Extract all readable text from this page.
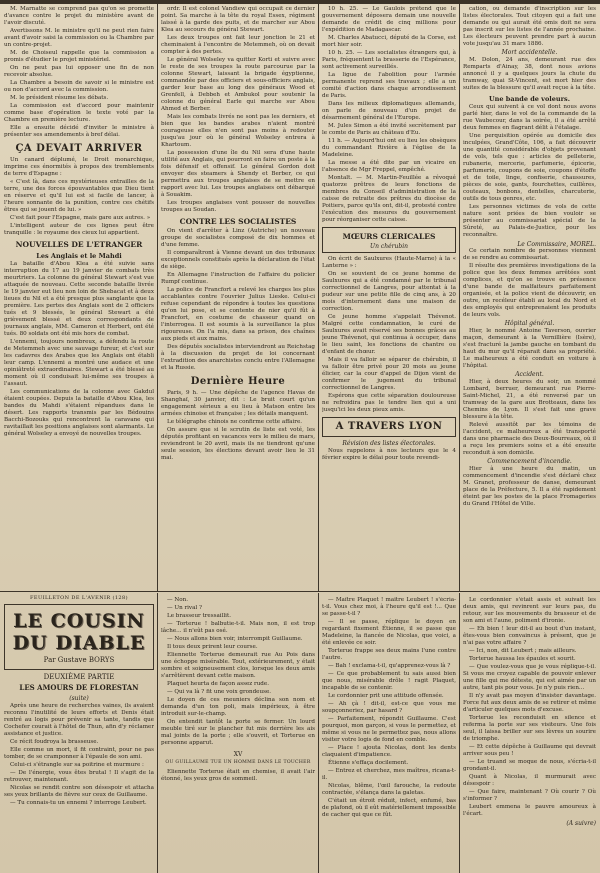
M. Marnatte se comprend pas qu'on se promette d'avance contre le projet du ministère avant de l'avoir discuté.

Avertissons M. le ministre qu'il ne peut rien faire avant d'avoir saisi la commission ou la Chambre par un contre-projet.

M. de Choiseul rappelle que la commission a promis d'étudier le projet ministériel.

On ne peut pas lui opposer une fin de non recevoir absolue.

La Chambre a besoin de savoir si le ministre est ou non d'accord avec la commission.

M. le président résume les débats.

La commission est d'accord pour maintenir comme base d'opération le texte voté par la Chambre en première lecture.

Elle a ensuite décidé d'inviter le ministre à présenter ses amendements à bref délai.

ÇA DEVAIT ARRIVER

Un canard déplumé, le Droit monarchique, imprime ces énormités à propos des tremblements de terre d'Espagne :

« C'est là, dans ces mystérieuses entrailles de la terre, une des forces épouvantables que Dieu tient en réserve et qu'il lui est si facile de lancer, à l'heure sonnante de la punition, contre ces chétifs êtres qui se jouent de lui. »

C'est fait pour l'Espagne, mais gare aux autres. »

L'intelligent auteur de ces lignes peut être tranquille : le royaume des cieux lui appartient.

NOUVELLES DE L'ETRANGER
Les Anglais et le Mahdi

La bataille d'Abou Klea a été suivie sans interruption du 17 au 19 janvier de combats très meurtriers. La colonne du général Stewart s'est vue attaquée de nouveau. Cette seconde bataille livrée le 19 janvier eut lieu non loin de Shebacat et à deux lieues du Nil et a été presque plus sanglante que la première. Les pertes des Anglais sont de 2 officiers tués et 9 blessés, le général Stewart a été grièvement blessé et deux correspondants de journaux anglais, MM. Cameron et Herbert, ont été tués. 80 soldats ont été mis hors de combat.

L'ennemi, toujours nombreux, a défendu la route de Metemmeh avec une sauvage fureur, et c'est sur les cadavres des Arabes que les Anglais ont établi leur camp. L'ennemi a montré une audace et une opiniâtreté extraordinaires. Stewart a été blessé au moment où il conduisait lui-même ses troupes à l'assaut.

Les communications de la colonne avec Gakdul étaient coupées. Depuis la bataille d'Abou Klea, les bandes du Mahdi s'étaient répandues dans le désert. Les rapports transmis par les Bédouins Bacchi-Bozouks qui rencontrent la caravane qui ravitaillait les positions anglaises sont alarmants. Le général Wolseley a envoyé de nouvelles troupes.

ordr. Il est colonel Vandiew qui occupait ce dernier point. Sa marche à la tête du royal Essex, régiment laissé à la garde des puits, et de marcher sur Abou Klea au secours du général Stewart.

Les deux troupes ont fait leur jonction le 21 et cheminaient à l'encontre de Metemmeh, où on devait compter à des pertes.

Le général Wolseley va quitter Korti et suivre avec le reste de ses troupes la route parcourue par la colonne Stewart, laissant la brigade égyptienne, commandée par des officiers et sous-officiers anglais, garder leur base au long des généraux Wood et Grenfell, à Debbeh et Ambukol pour soutenir la colonne du général Earle qui marche sur Abou Ahmed et Berber.

Mais les combats livrés ne sont pas les derniers, et bien que les bandes arabes n'aient montré courageuse elles n'en sont pas moins à redouter jusqu'au jour où le général Wolseley entrera à Khartoum.

La possession d'une île du Nil sera d'une haute utilité aux Anglais, qui pourront en faire un poste à la fois défensif et offensif. Le général Gordon doit envoyer des steamers à Shendy et Berber, ce qui permettra aux troupes anglaises de se mettre en rapport avec lui. Les troupes anglaises ont débarqué à Souakim.

Les troupes anglaises vont pousser de nouvelles troupes au Soudan.

CONTRE LES SOCIALISTES

On vient d'arrêter à Linz (Autriche) un nouveau groupe de socialistes composé de dix hommes et d'une femme.

Il comparaîtront à Vienne devant un des tribunaux exceptionnels constitués après la déclaration de l'état de siège.

En Allemagne l'instruction de l'affaire du policier Rumpf continue.

La police de Francfort a relevé les charges les plus accablantes contre l'ouvrier Julius Lieske. Celui-ci refuse cependant de répondre à toutes les questions qu'on lui pose, et se contente de nier qu'il fût à Francfort, en costume de chasseur quand on l'interrogea. Il est soumis à la surveillance la plus rigoureuse. On l'a mis, dans sa prison, des chaînes aux pieds et aux mains.

Des députés socialistes interviendront au Reichstag à la discussion du projet de loi concernant l'extradition des anarchistes conclu entre l'Allemagne et la Russie.

Dernière Heure

Paris, 9 h. — Une dépêche de l'agence Havas de Shanghaï, 30 janvier, dit : Le bruit court qu'un engagement sérieux a eu lieu à Matson entre les armées chinoise et française ; les détails manquent.

Le télégraphe chinois ne confirme cette affaire.

On assure que si le scrutin de liste est voté, les députés profitant en vacances vers le milieu de mars, reviendront le 20 avril, mais ils ne tiendront qu'une seule session, les élections devant avoir lieu le 31 mai.

10 h. 25. — Le Gaulois prétend que le gouvernement déposera demain une nouvelle demande de crédit de cinq millions pour l'expédition de Madagascar.

M. Charles Abatucci, député de la Corse, est mort hier soir.

10 h. 25. — Les socialistes étrangers qui, à Paris, fréquentent la brasserie de l'Espérance, sont activement surveillés.

La ligue de l'abolition pour l'armée permanente reprend ses travaux ; elle a un comité d'action dans chaque arrondissement de Paris.

Dans les milieux diplomatiques allemands, on parle de nouveau d'un projet de désarmement général de l'Europe.

M. Jules Simon a été invité secrètement par le comte de Paris au château d'Eu.

11 h. — Aujourd'hui ont eu lieu les obsèques du commandant Rivière à l'église de la Madeleine.

La messe a été dite par un vicaire en l'absence de Mgr Freppel, empêché.

Montalt. — M. Martin-Feuillée a révoqué quatorze prêtres de leurs fonctions de membres du Conseil d'administration de la caisse de retraite des prêtres du diocèse de Poitiers, parce qu'ils ont, dit-il, protesté contre l'exécution des mesures du gouvernement pour réorganiser cette caisse.

MŒURS CLERICALES
Un chérubin

On écrit de Saulxures (Haute-Marne) à la « Lanterne » :

On se souvient de ce jeune homme de Saulxures qui a été condamné par le tribunal correctionnel de Langres, pour attentat à la pudeur sur une petite fille de cinq ans, à 20 mois d'internement dans une maison de correction.

Ce jeune homme s'appelait Thévenot. Malgré cette condamnation, le curé de Saulxures avait réservé ses bonnes grâces au jeune Thévenot, qui continua à occuper, dans le lieu saint, les fonctions de chantre ou d'enfant de chœur.

Mais il va falloir se séparer de chérubin, il va falloir être privé pour 20 mois au jeune élicier, car la cour d'appel de Dijon vient de confirmer le jugement du tribunal correctionnel de Langres.

Espérons que cette séparation douloureuse ne refroidira pas le tendre lien qui a uni jusqu'ici les deux pieux amis.

A TRAVERS LYON
Révision des listes électorales.

Nous rappelons à nos lecteurs que le 4 février expire le délai pour toute revendi-

cation, ou demande d'inscription sur les listes électorales. Tout citoyen qui a fait une demande ou qui aurait été omis doit ne sera pas inscrit sur les listes de l'année prochaine. Les électeurs peuvent prendre part à aucun vote jusqu'au 31 mars 1886.

Mort accidentelle.

M. Dolon, 24 ans, demeurant rue des Remparts d'Ainay, 38, dont nous avions annoncé il y a quelques jours la chute du tramway, quai St-Vincent, est mort hier des suites de la blessure qu'il avait reçue à la tête.

Une bande de voleurs.

Ceux qui suivent à ce vol dont nous avons parlé hier, dans le vol de la commande de la rue Vaubecour, dans la soirée, il a été arrêté deux femmes en flagrant délit à l'étalage.

Une perquisition opérée au domicile des inculpées, Grand'Côte, 106, a fait découvrir une quantité considérable d'objets provenant de vols, tels que : articles de pelleterie, rubanerie, mercerie, parfumerie, épicerie, parfumerie, coupons de soie, coupons d'étoffe et de toile, linge, confiserie, chaussures, pièces de soie, gants, fourchettes, cuillères, couteaux, bonbons, dentelles, charcuterie, outils de tous genres, etc.

Les personnes victimes de vols de cette nature sont priées de bien vouloir se présenter au commissariat spécial de la Sûreté, au Palais-de-Justice, pour les reconnaître.

Le Commissaire, MOREL.

Ce certain nombre de personnes viennent de se rendre au commissariat.

Il résulte des premières investigations de la police que les deux femmes arrêtées sont complices, et qu'on se trouve en présence d'une bande de malfaiteurs parfaitement organisée, et la police vient de découvrir, en outre, un recéleur établi au local du Nord et des employés qui entreprenaient les produits de leurs vols.

Hôpital général.

Hier, le nommé Antoine Taverson, ouvrier maçon, demeurant à la Vernillière (Isère), s'est fracturé la jambe gauche en tombant du haut du mur qu'il réparait dans sa propriété. Le malheureux a été conduit en voiture à l'hôpital.

Accident.

Hier, à deux heures du soir, un nommé Lombard, berruer, demeurant rue Pierre-Saint-Michel, 21, a été renversé par un tramway de la gare aux Brotteaux, dans les Chemins de Lyon. Il s'est fait une grave blessure à la tête.

Relevé aussitôt par les témoins de l'accident, ce malheureux a été transporté dans une pharmacie des Deux-Bourreaux, où il a reçu les premiers soins et a été ensuite reconduit à son domicile.

Commencement d'incendie.

Hier à une heure du matin, un commencement d'incendie s'est déclaré chez M. Granet, professeur de danse, demeurant place de la Préfecture, 5. Il a été rapidement éteint par les postes de la place Fromageries du Grand l'Hôtel de Ville.

FEUILLETON DE L'AVENIR (128)
LE COUSIN DU DIABLE
Par Gustave BORYS
DEUXIÈME PARTIE
LES AMOURS DE FLORESTAN
(suite)

Après une heure de recherches vaines, ils avaient reconnu l'inutilité de leurs efforts et Denis était rentré au logis pour prévenir sa tante, tandis que Cochefer courait à l'hôtel de Thun, afin d'y réclamer assistance et justice.

Ce récit foudroya la brasseuse.

Elle comme un mort, il fit contraint, pour ne pas tomber, de se cramponner à l'épaule de son ami.

Celui-ci s'étrangle sur sa poitrine et murmure :

— De l'énergie, vous êtes brutal ! Il s'agit de la retrouver, maintenant.

Nicolas se rendit contre son désespoir et attacha ses yeux brillants de fièvre sur ceux de Guillaume.

— Tu connais-tu un ennemi ? interroge Leubert.

— Non.

— Un rival ?

Le brasseur tressaillit.

— Torterue ! balbutie-t-il. Mais non, il est trop lâche... il n'eût pas osé.

— Nous allons bien voir, interrompit Guillaume.

Il tous deux prirent leur course.

Eliennette Torterue demeurait rue Au Pois dans une échoppe misérable. Tout, extérieurement, y était sombre et soigneusement clos, lorsque les deux amis s'arrêtèrent devant cette maison.

Plaquet heurta de façon assez rude.

— Qui va là ? fit une voix grondeuse.

Le doyen de ces meuniers déclina son nom et demanda d'un ton poli, mais impérieux, à être introduit sur-le-champ.

On entendit tantôt la porte se fermer. Un lourd meuble tiré sur le plancher fut mis derrière les ais mal joints de la porte ; elle s'ouvrit, et Torterue en personne apparut.

XV
OU GUILLAUME TUE UN HOMME DANS LE TOUCHER

Eliennette Torterue était en chemise, il avait l'air étonné, les yeux gros de sommeil.

— Maître Plaquet ! maître Leubert ! s'écria-t-il. Vous chez moi, à l'heure qu'il est !... Que se passe-t-il ?

— Il se passe, réplique le doyen en regardant fixement Étienne, il se passe que Madeleine, la fiancée de Nicolas, que voici, a été enlevée ce soir.

Torterue frappe ses deux mains l'une contre l'autre.

— Bah ! exclama-t-il, qu'apprenez-vous là ?

— Ce que probablement tu sais aussi bien que nous, misérable drôle ! ragit Plaquet, incapable de se contenir.

Le cordonnier prit une attitude offensée.

— Ah çà ! dit-il, est-ce que vous me soupçonneriez, par hasard ?

— Parfaitement, répondit Guillaume. C'est pourquoi, mon garçon, si vous le permettez, et même si vous ne le permettez pas, nous allons visiter votre logis de fond en comble.

— Place ! ajouta Nicolas, dont les dents claquaient d'impatience.

Étienne s'effaça docilement.

— Entrez et cherchez, mes maîtres, ricana-t-il.

Nicolas, blême, l'œil farouche, la redoute contractée, s'élança dans la galetas.

C'était un étroit réduit, infect, enfumé, bas de plafond, où il eût matériellement impossible de cacher qui que ce fût.

Le cordonnier s'était assis et suivait les deux amis, qui revinrent sur leurs pas, du retour, sur les mouvements du brasseur et de son ami et l'aune, poliment d'ironie.

— Eh bien ! leur dit-il au bout d'un instant, êtes-vous bien convaincus à présent, que je n'ai pas votre affaire ?

— Ici, non, dit Leubert ; mais ailleurs.

Torterue haussa les épaules et sourit.

— Que voulez-vous que je vous réplique-t-il. Si vous me croyez capable de pouvoir enlever une fille qui me déteste, qui est aimée par un autre, tant pis pour vous. Je n'y puis rien...

Il n'y avait pas moyen d'insister davantage. Force fut aux deux amis de se retirer et même d'articuler quelques mots d'excuse.

Torterue les reconduisit en silence et referma la porte sur ses visiteurs. Une fois seul, il laissa briller sur ses lèvres un sourire de triomphe.

— Et cette dépêche à Guillaume qui devrait arriver sous peu !

— Le truand se moque de nous, s'écria-t-il grondant-il.

Quant à Nicolas, il murmurait avec désespoir :

— Que faire, maintenant ? Où courir ? Où s'informer ?

Leubert emmena le pauvre amoureux à l'écart.

(A suivre)
